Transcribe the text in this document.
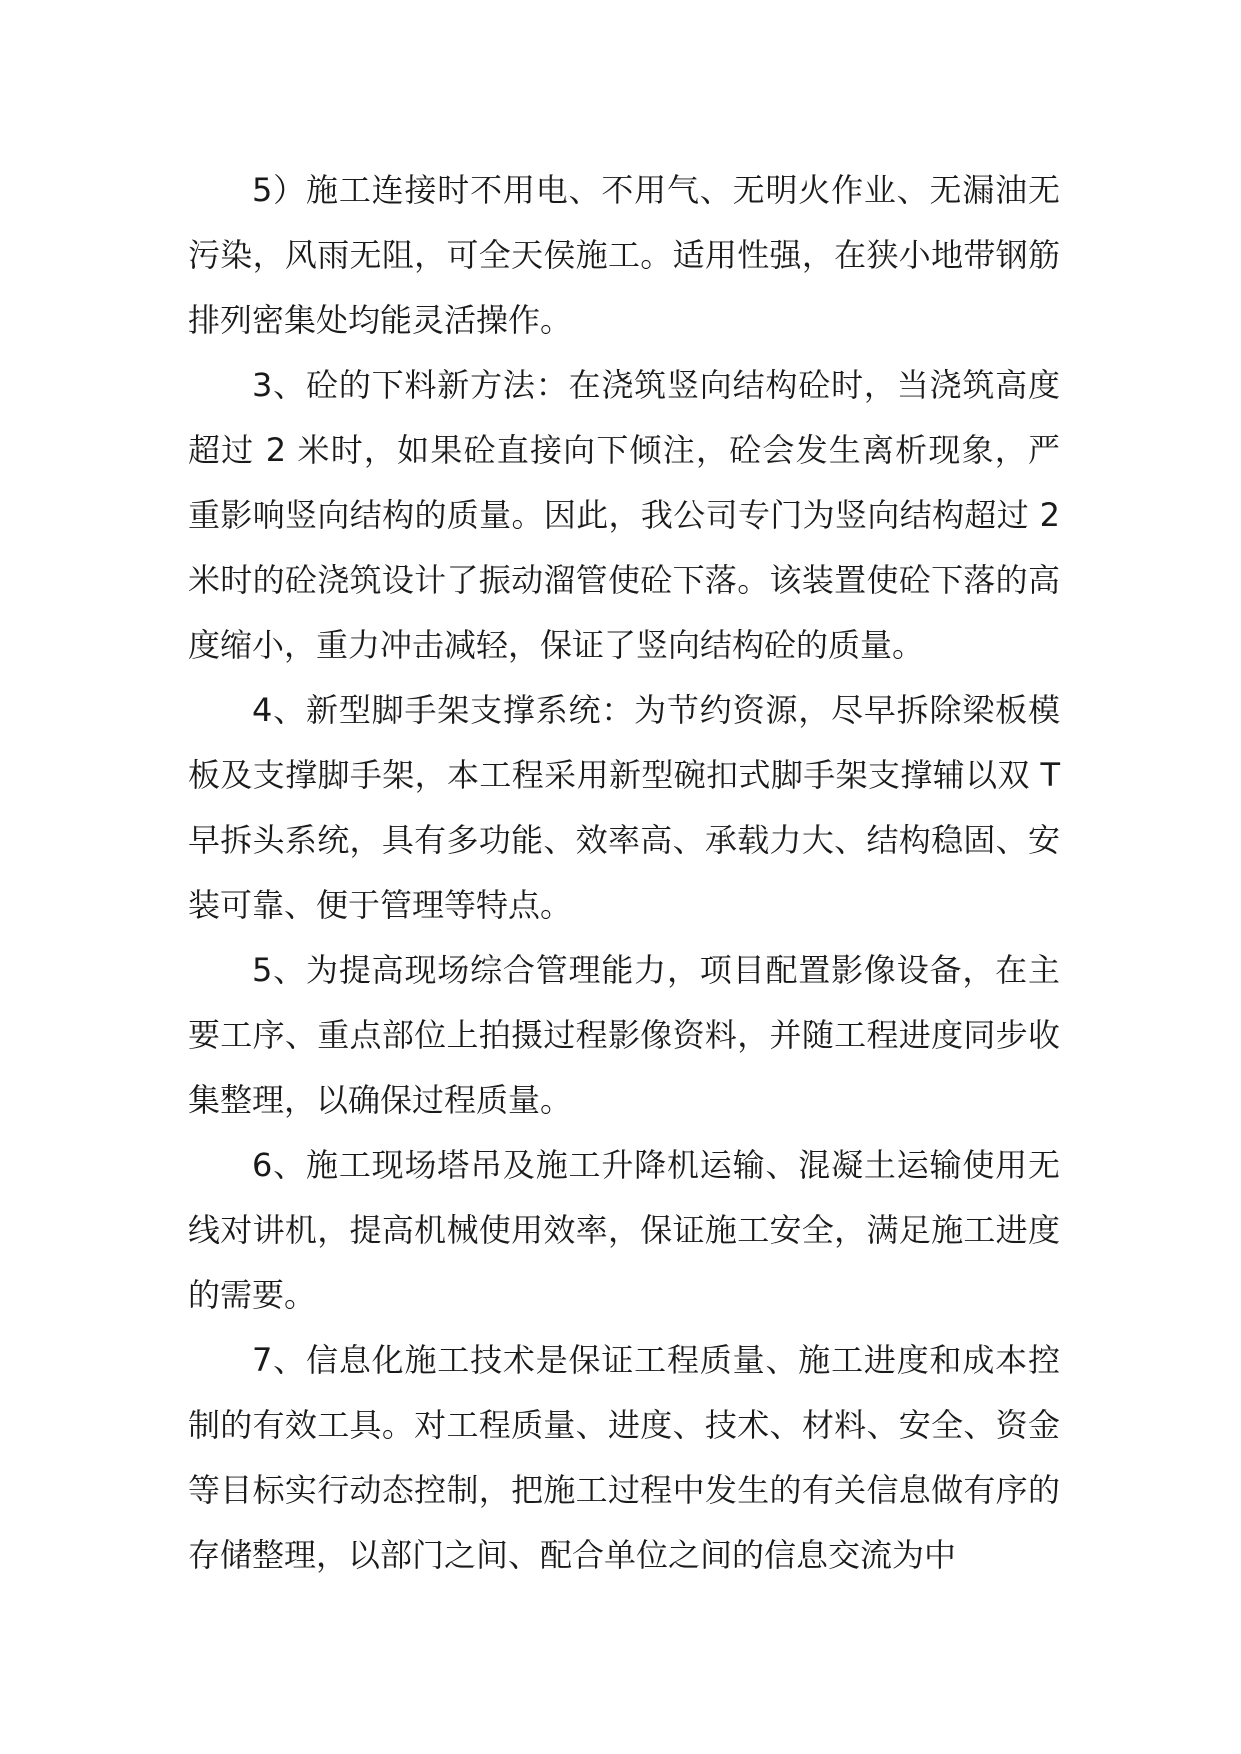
5）施工连接时不用电、不用气、无明火作业、无漏油无污染，风雨无阻，可全天侯施工。适用性强，在狭小地带钢筋排列密集处均能灵活操作。

3、砼的下料新方法：在浇筑竖向结构砼时，当浇筑高度超过 2 米时，如果砼直接向下倾注，砼会发生离析现象，严重影响竖向结构的质量。因此，我公司专门为竖向结构超过 2 米时的砼浇筑设计了振动溜管使砼下落。该装置使砼下落的高度缩小，重力冲击减轻，保证了竖向结构砼的质量。

4、新型脚手架支撑系统：为节约资源，尽早拆除梁板模板及支撑脚手架，本工程采用新型碗扣式脚手架支撑辅以双 T 早拆头系统，具有多功能、效率高、承载力大、结构稳固、安装可靠、便于管理等特点。

5、为提高现场综合管理能力，项目配置影像设备，在主要工序、重点部位上拍摄过程影像资料，并随工程进度同步收集整理，以确保过程质量。

6、施工现场塔吊及施工升降机运输、混凝土运输使用无线对讲机，提高机械使用效率，保证施工安全，满足施工进度的需要。

7、信息化施工技术是保证工程质量、施工进度和成本控制的有效工具。对工程质量、进度、技术、材料、安全、资金等目标实行动态控制，把施工过程中发生的有关信息做有序的存储整理，以部门之间、配合单位之间的信息交流为中
